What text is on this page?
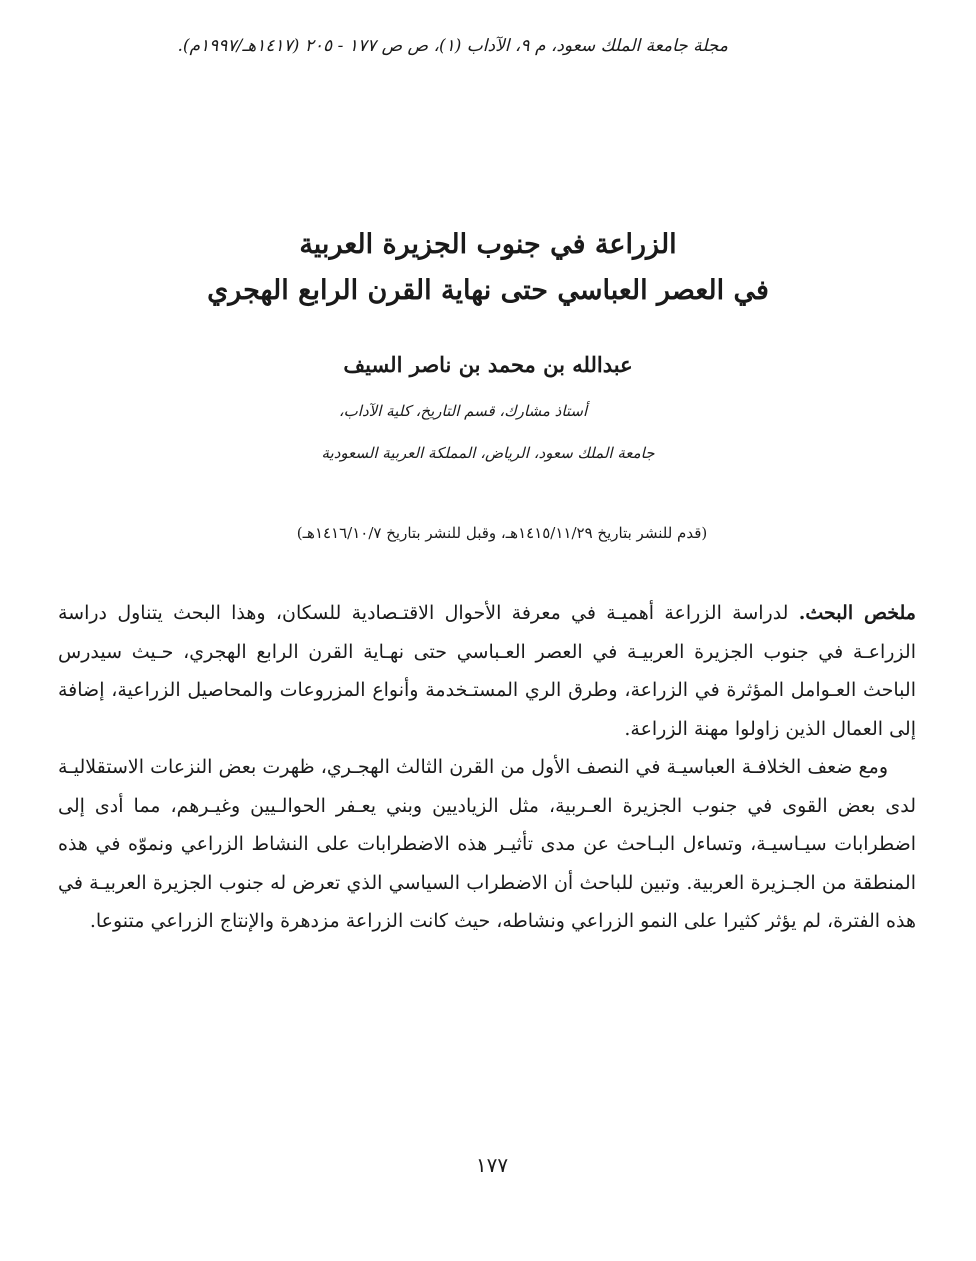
مجلة جامعة الملك سعود، م ٩، الآداب (١)، ص ص ١٧٧ - ٢٠٥ (١٤١٧هـ/١٩٩٧م).
الزراعة في جنوب الجزيرة العربية
في العصر العباسي حتى نهاية القرن الرابع الهجري
عبدالله بن محمد بن ناصر السيف
أستاذ مشارك، قسم التاريخ، كلية الآداب،
جامعة الملك سعود، الرياض، المملكة العربية السعودية
(قدم للنشر بتاريخ ١٤١٥/١١/٢٩هـ، وقبل للنشر بتاريخ ١٤١٦/١٠/٧هـ)

ملخص البحث. لدراسة الزراعة أهميـة في معرفة الأحوال الاقتـصادية للسكان، وهذا البحث يتناول دراسة الزراعـة في جنوب الجزيرة العربيـة في العصر العـباسي حتى نهـاية القرن الرابع الهجري، حـيث سيدرس الباحث العـوامل المؤثرة في الزراعة، وطرق الري المستـخدمة وأنواع المزروعات والمحاصيل الزراعية، إضافة إلى العمال الذين زاولوا مهنة الزراعة.

ومع ضعف الخلافـة العباسيـة في النصف الأول من القرن الثالث الهجـري، ظهرت بعض النزعات الاستقلاليـة لدى بعض القوى في جنوب الجزيرة العـربية، مثل الزياديين وبني يعـفر الحوالـيين وغيـرهم، مما أدى إلى اضطرابات سيـاسيـة، وتساءل البـاحث عن مدى تأثيـر هذه الاضطرابات على النشاط الزراعي ونموّه في هذه المنطقة من الجـزيرة العربية. وتبين للباحث أن الاضطراب السياسي الذي تعرض له جنوب الجزيرة العربيـة في هذه الفترة، لم يؤثر كثيرا على النمو الزراعي ونشاطه، حيث كانت الزراعة مزدهرة والإنتاج الزراعي متنوعا.

١٧٧
